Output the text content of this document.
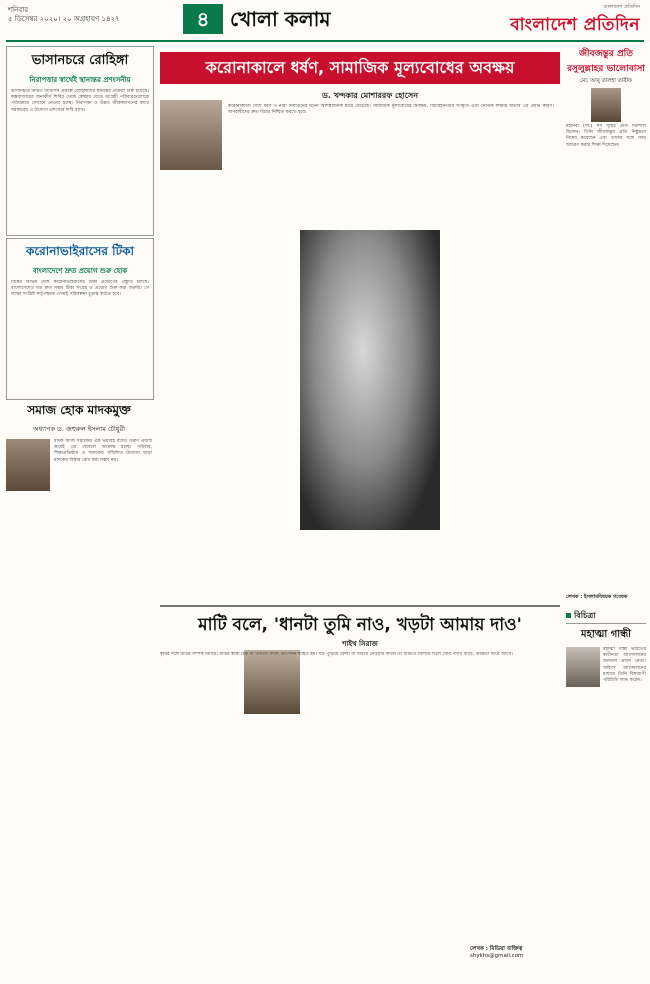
শনিবার
৫ ডিসেম্বর ২০২০। ২০ অগ্রহায়ণ ১৪২৭	৪	খোলা কলাম	বাংলাদেশ প্রতিদিন
বাংলাদেশ প্রতিদিন
ভাসানচরে রোহিঙ্গা
নিরাপত্তার স্বার্থেই স্থানান্তর প্রশংসনীয়
ভাসানচরে নির্মিত আবাসন প্রকল্পে রোহিঙ্গাদের স্থানান্তর প্রক্রিয়া শুরু হয়েছে। কক্সবাজারের জনাকীর্ণ শিবির থেকে স্বেচ্ছায় যেতে আগ্রহী পরিবারগুলোকে পর্যায়ক্রমে সেখানে নেওয়া হচ্ছে। নিরাপত্তা ও উন্নত জীবনযাপনের স্বার্থে সরকারের এ উদ্যোগ প্রশংসার দাবি রাখে।
করোনাভাইরাসের টিকা
বাংলাদেশে দ্রুত প্রয়োগ শুরু হোক
বিশ্বের বিভিন্ন দেশে করোনাভাইরাসের টিকা প্রয়োগের প্রস্তুতি চলছে। বাংলাদেশেও যত দ্রুত সম্ভব টিকা সংগ্রহ ও প্রয়োগ শুরু করা জরুরি। সে লক্ষ্যে সংশ্লিষ্ট কর্তৃপক্ষকে এখনই পরিকল্পনা চূড়ান্ত করতে হবে।
সমাজ হোক মাদকমুক্ত
অধ্যাপক ড. জহুরুল ইসলাম চৌধুরী
মাদক আজ সমাজের এক ভয়াবহ ব্যাধি। তরুণ প্রজন্ম ক্রমেই এর ছোবলে আক্রান্ত হচ্ছে। পরিবার, শিক্ষাপ্রতিষ্ঠান ও সমাজের সম্মিলিত উদ্যোগ ছাড়া মাদকের বিস্তার রোধ করা সম্ভব নয়।
করোনাকালে ধর্ষণ, সামাজিক মূল্যবোধের অবক্ষয়
ড. খন্দকার মোশাররফ হোসেন
করোনাকালে দেশে ধর্ষণ ও নারী নির্যাতনের ঘটনা আশঙ্কাজনক হারে বেড়েছে। সামাজিক মূল্যবোধের অবক্ষয়, বিচারহীনতার সংস্কৃতি এবং নৈতিক শিক্ষার অভাব এর প্রধান কারণ। অপরাধীদের দ্রুত বিচার নিশ্চিত করতে হবে।
জীবজন্তুর প্রতি রসুলুল্লাহর ভালোবাসা
মো. আবু তালহা তারীফ
মহানবী (সা.) সব সৃষ্টির প্রতি দয়াশীল ছিলেন। তিনি জীবজন্তুর প্রতি নিষ্ঠুরতা নিষেধ করেছেন এবং তাদের সঙ্গে সদয় আচরণ করার শিক্ষা দিয়েছেন।
লেখক : ইসলামবিষয়ক গবেষক
বিচিত্রা
মহাত্মা গান্ধী
মহাত্মা গান্ধী ভারতের স্বাধীনতা আন্দোলনের অন্যতম প্রধান নেতা। অহিংস আন্দোলনের মাধ্যমে তিনি বিশ্বব্যাপী পরিচিতি লাভ করেন।
মাটি বলে, 'ধানটা তুমি নাও, খড়টা আমায় দাও'
শাইখ সিরাজ
কৃষির সঙ্গে মাটির সম্পর্ক নিবিড়। মাটির স্বাস্থ্য ঠিক না থাকলে ফসল উৎপাদন ব্যাহত হয়। খড় পুড়িয়ে ফেলা বা সরিয়ে নেওয়ার বদলে তা মাটিতে মিশিয়ে দিলে জৈব পদার্থ বাড়ে, উর্বরতা ফিরে আসে।
লেখক : মিডিয়া ব্যক্তিত্ব
shykhs@gmail.com
